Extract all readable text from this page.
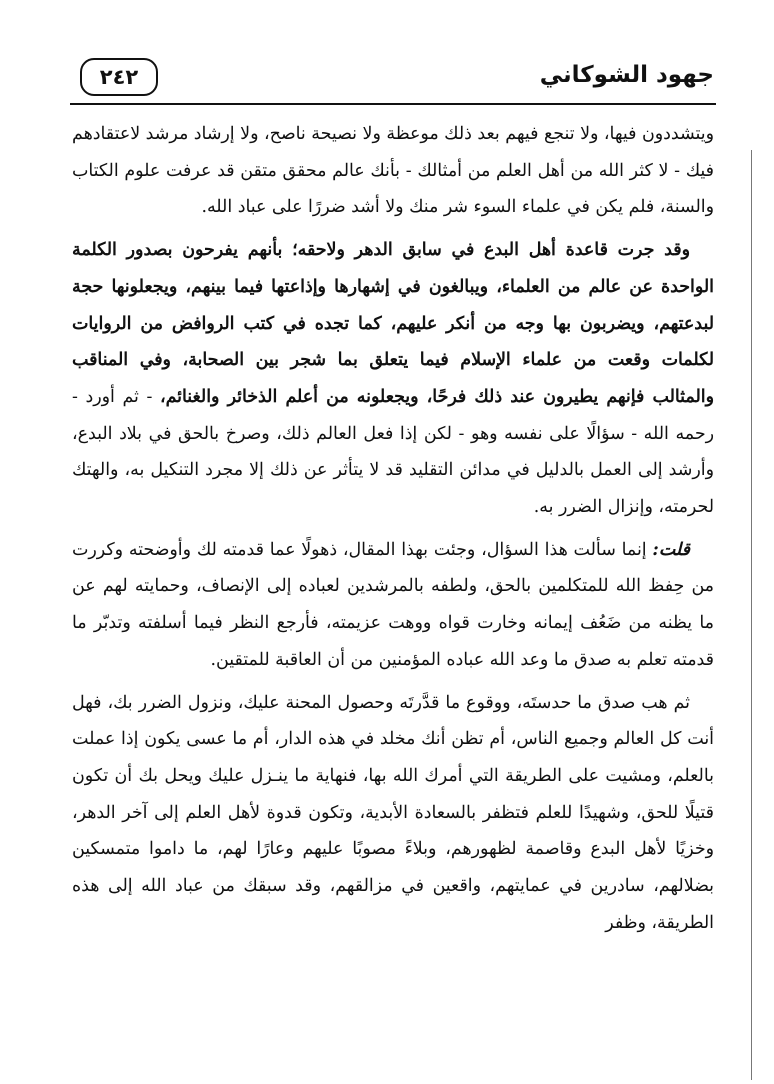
جهود الشوكاني
٢٤٢

ويتشددون فيها، ولا تنجع فيهم بعد ذلك موعظة ولا نصيحة ناصح، ولا إرشاد مرشد لاعتقادهم فيك - لا كثر الله من أهل العلم من أمثالك - بأنك عالم محقق متقن قد عرفت علوم الكتاب والسنة، فلم يكن في علماء السوء شر منك ولا أشد ضررًا على عباد الله.

وقد جرت قاعدة أهل البدع في سابق الدهر ولاحقه؛ بأنهم يفرحون بصدور الكلمة الواحدة عن عالم من العلماء، ويبالغون في إشهارها وإذاعتها فيما بينهم، ويجعلونها حجة لبدعتهم، ويضربون بها وجه من أنكر عليهم، كما تجده في كتب الروافض من الروايات لكلمات وقعت من علماء الإسلام فيما يتعلق بما شجر بين الصحابة، وفي المناقب والمثالب فإنهم يطيرون عند ذلك فرحًا، ويجعلونه من أعلم الذخائر والغنائم، - ثم أورد - رحمه الله - سؤالًا على نفسه وهو - لكن إذا فعل العالم ذلك، وصرخ بالحق في بلاد البدع، وأرشد إلى العمل بالدليل في مدائن التقليد قد لا يتأثر عن ذلك إلا مجرد التنكيل به، والهتك لحرمته، وإنزال الضرر به.

قلت: إنما سألت هذا السؤال، وجئت بهذا المقال، ذهولًا عما قدمته لك وأوضحته وكررت من حِفظ الله للمتكلمين بالحق، ولطفه بالمرشدين لعباده إلى الإنصاف، وحمايته لهم عن ما يظنه من ضَعُف إيمانه وخارت قواه ووهت عزيمته، فأرجع النظر فيما أسلفته وتدبّر ما قدمته تعلم به صدق ما وعد الله عباده المؤمنين من أن العاقبة للمتقين.

ثم هب صدق ما حدستَه، ووقوع ما قدَّرتَه وحصول المحنة عليك، ونزول الضرر بك، فهل أنت كل العالم وجميع الناس، أم تظن أنك مخلد في هذه الدار، أم ما عسى يكون إذا عملت بالعلم، ومشيت على الطريقة التي أمرك الله بها، فنهاية ما ينـزل عليك ويحل بك أن تكون قتيلًا للحق، وشهيدًا للعلم فتظفر بالسعادة الأبدية، وتكون قدوة لأهل العلم إلى آخر الدهر، وخزيًا لأهل البدع وقاصمة لظهورهم، وبلاءً مصوبًا عليهم وعارًا لهم، ما داموا متمسكين بضلالهم، سادرين في عمايتهم، واقعين في مزالقهم، وقد سبقك من عباد الله إلى هذه الطريقة، وظفر
